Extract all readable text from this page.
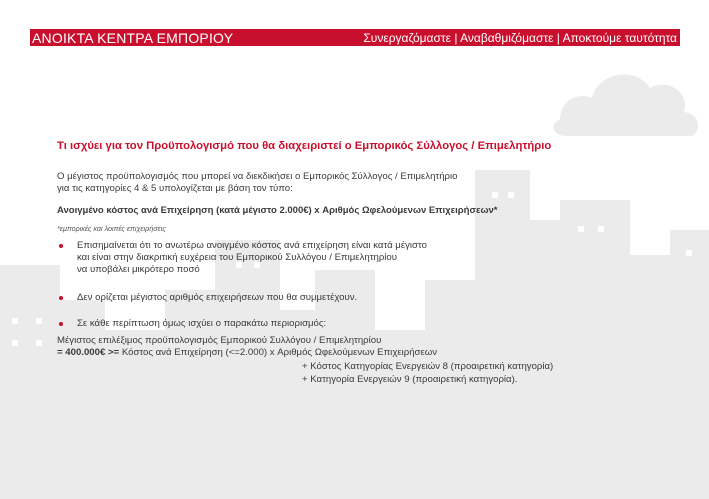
ΑΝΟΙΚΤΑ ΚΕΝΤΡΑ ΕΜΠΟΡΙΟΥ	Συνεργαζόμαστε | Αναβαθμιζόμαστε | Αποκτούμε ταυτότητα
Τι ισχύει για τον Προϋπολογισμό που θα διαχειριστεί ο Εμπορικός Σύλλογος / Επιμελητήριο
Ο μέγιστος προϋπολογισμός που μπορεί να διεκδικήσει ο Εμπορικός Σύλλογος / Επιμελητήριο
για τις κατηγορίες 4 & 5 υπολογίζεται με βάση τον τύπο:
Ανοιγμένο κόστος ανά Επιχείρηση (κατά μέγιστο 2.000€) x Αριθμός Ωφελούμενων Επιχειρήσεων*
*εμπορικές και λοιπές επιχειρήσεις
Επισημαίνεται ότι το ανωτέρω ανοιγμένο κόστος ανά επιχείρηση είναι κατά μέγιστο
και είναι στην διακριτική ευχέρεια του Εμπορικού Συλλόγου / Επιμελητηρίου
να υποβάλει μικρότερο ποσό
Δεν ορίζεται μέγιστος αριθμός επιχειρήσεων που θα συμμετέχουν.
Σε κάθε περίπτωση όμως ισχύει ο παρακάτω περιορισμός:
Μέγιστος επιλέξιμος προϋπολογισμός Εμπορικού Συλλόγου / Επιμελητηρίου
= 400.000€ >= Κόστος ανά Επιχείρηση (<=2.000) x Αριθμός Ωφελούμενων Επιχειρήσεων
+ Κόστος Κατηγορίας Ενεργειών 8 (προαιρετική κατηγορία)
+ Κατηγορία Ενεργειών 9 (προαιρετική κατηγορία).
